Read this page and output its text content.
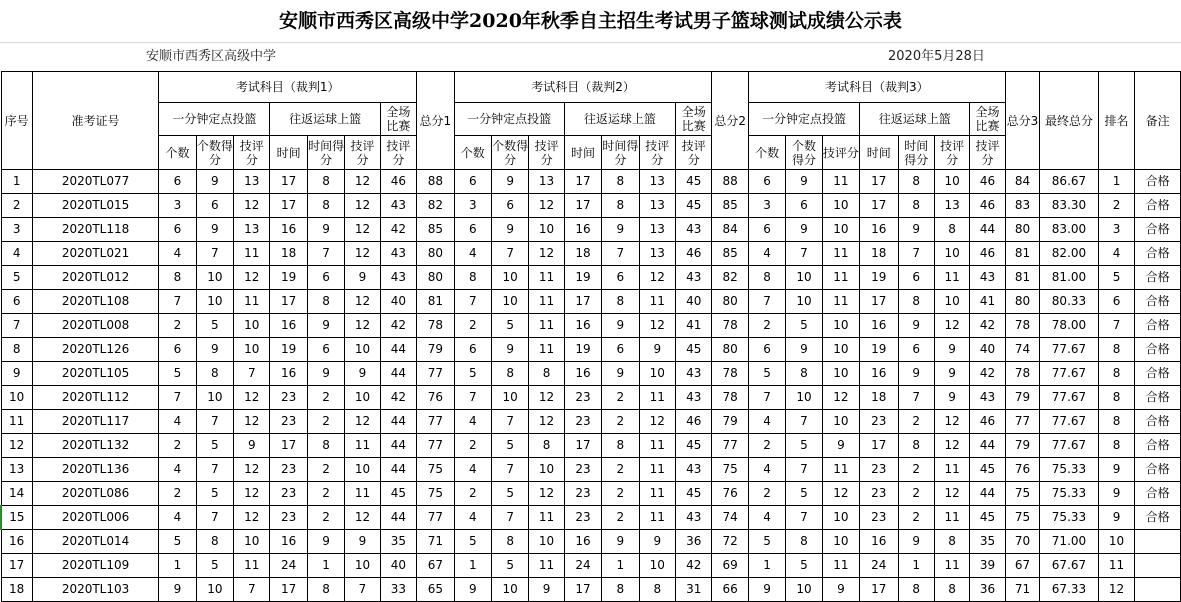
安顺市西秀区高级中学2020年秋季自主招生考试男子篮球测试成绩公示表
安顺市西秀区高级中学	2020年5月28日
序号	准考证号	考试科目（裁判1）							总分1	考试科目（裁判2）							总分2	考试科目（裁判3）							总分3	最终总分	排名	备注
		一分钟定点投篮			往返运球上篮			全场比赛		一分钟定点投篮			往返运球上篮			全场比赛		一分钟定点投篮			往返运球上篮			全场比赛				
		个数	个数得分	技评分	时间	时间得分	技评分	技评分		个数	个数得分	技评分	时间	时间得分	技评分	技评分		个数	个数得分	技评分	时间	时间得分	技评分	技评分				
1	2020TL077	6	9	13	17	8	12	46	88	6	9	13	17	8	13	45	88	6	9	11	17	8	10	46	84	86.67	1	合格
2	2020TL015	3	6	12	17	8	12	43	82	3	6	12	17	8	13	45	85	3	6	10	17	8	13	46	83	83.30	2	合格
3	2020TL118	6	9	13	16	9	12	42	85	6	9	10	16	9	13	43	84	6	9	10	16	9	8	44	80	83.00	3	合格
4	2020TL021	4	7	11	18	7	12	43	80	4	7	12	18	7	13	46	85	4	7	11	18	7	10	46	81	82.00	4	合格
5	2020TL012	8	10	12	19	6	9	43	80	8	10	11	19	6	12	43	82	8	10	11	19	6	11	43	81	81.00	5	合格
6	2020TL108	7	10	11	17	8	12	40	81	7	10	11	17	8	11	40	80	7	10	11	17	8	10	41	80	80.33	6	合格
7	2020TL008	2	5	10	16	9	12	42	78	2	5	11	16	9	12	41	78	2	5	10	16	9	12	42	78	78.00	7	合格
8	2020TL126	6	9	10	19	6	10	44	79	6	9	11	19	6	9	45	80	6	9	10	19	6	9	40	74	77.67	8	合格
9	2020TL105	5	8	7	16	9	9	44	77	5	8	8	16	9	10	43	78	5	8	10	16	9	9	42	78	77.67	8	合格
10	2020TL112	7	10	12	23	2	10	42	76	7	10	12	23	2	11	43	78	7	10	12	18	7	9	43	79	77.67	8	合格
11	2020TL117	4	7	12	23	2	12	44	77	4	7	12	23	2	12	46	79	4	7	10	23	2	12	46	77	77.67	8	合格
12	2020TL132	2	5	9	17	8	11	44	77	2	5	8	17	8	11	45	77	2	5	9	17	8	12	44	79	77.67	8	合格
13	2020TL136	4	7	12	23	2	10	44	75	4	7	10	23	2	11	43	75	4	7	11	23	2	11	45	76	75.33	9	合格
14	2020TL086	2	5	12	23	2	11	45	75	2	5	12	23	2	11	45	76	2	5	12	23	2	12	44	75	75.33	9	合格
15	2020TL006	4	7	12	23	2	12	44	77	4	7	11	23	2	11	43	74	4	7	10	23	2	11	45	75	75.33	9	合格
16	2020TL014	5	8	10	16	9	9	35	71	5	8	10	16	9	9	36	72	5	8	10	16	9	8	35	70	71.00	10	
17	2020TL109	1	5	11	24	1	10	40	67	1	5	11	24	1	10	42	69	1	5	11	24	1	11	39	67	67.67	11	
18	2020TL103	9	10	7	17	8	7	33	65	9	10	9	17	8	8	31	66	9	10	9	17	8	8	36	71	67.33	12	
